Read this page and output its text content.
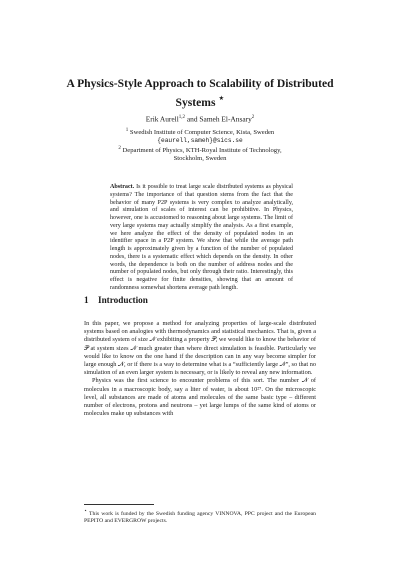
A Physics-Style Approach to Scalability of Distributed Systems ⋆
Erik Aurell$^{1,2}$ and Sameh El-Ansary$^2$
$^1$ Swedish Institute of Computer Science, Kista, Sweden
{eaurell,sameh}@sics.se
$^2$ Department of Physics, KTH-Royal Institute of Technology,
Stockholm, Sweden
Abstract. Is it possible to treat large scale distributed systems as physical systems? The importance of that question stems from the fact that the behavior of many P2P systems is very complex to analyze analytically, and simulation of scales of interest can be prohibitive. In Physics, however, one is accustomed to reasoning about large systems. The limit of very large systems may actually simplify the analysis. As a first example, we here analyze the effect of the density of populated nodes in an identifier space in a P2P system. We show that while the average path length is approximately given by a function of the number of populated nodes, there is a systematic effect which depends on the density. In other words, the dependence is both on the number of address nodes and the number of populated nodes, but only through their ratio. Interestingly, this effect is negative for finite densities, showing that an amount of randomness somewhat shortens average path length.
1 Introduction

In this paper, we propose a method for analyzing properties of large-scale distributed systems based on analogies with thermodynamics and statistical mechanics. That is, given a distributed system of size 𝒩 exhibiting a property 𝒫, we would like to know the behavior of 𝒫 at system sizes 𝒩 much greater than where direct simulation is feasible. Particularly we would like to know on the one hand if the description can in any way become simpler for large enough 𝒩, or if there is a way to determine what is a “sufficiently large 𝒩”, so that no simulation of an even larger system is necessary, or is likely to reveal any new information.

Physics was the first science to encounter problems of this sort. The number 𝒩 of molecules in a macroscopic body, say a liter of water, is about 10²⁷. On the microscopic level, all substances are made of atoms and molecules of the same basic type – different number of electrons, protons and neutrons – yet large lumps of the same kind of atoms or molecules make up substances with

⋆ This work is funded by the Swedish funding agency VINNOVA, PPC project and the European PEPITO and EVERGROW projects.
